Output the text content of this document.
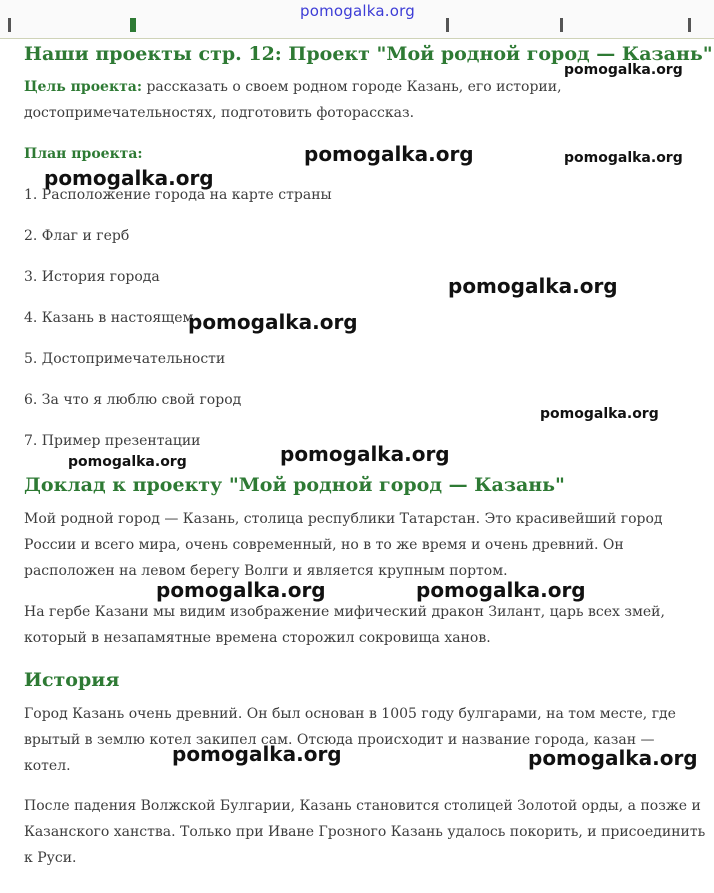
pomogalka.org
Наши проекты стр. 12: Проект "Мой родной город — Казань"
Цель проекта: рассказать о своем родном городе Казань, его истории,
достопримечательностях, подготовить фоторассказ.
План проекта:
1. Расположение города на карте страны
2. Флаг и герб
3. История города
4. Казань в настоящем
5. Достопримечательности
6. За что я люблю свой город
7. Пример презентации
Доклад к проекту "Мой родной город — Казань"
Мой родной город — Казань, столица республики Татарстан. Это красивейший город
России и всего мира, очень современный, но в то же время и очень древний. Он
расположен на левом берегу Волги и является крупным портом.
На гербе Казани мы видим изображение мифический дракон Зилант, царь всех змей,
который в незапамятные времена сторожил сокровища ханов.
История
Город Казань очень древний. Он был основан в 1005 году булгарами, на том месте, где
врытый в землю котел закипел сам. Отсюда происходит и название города, казан —
котел.
После падения Волжской Булгарии, Казань становится столицей Золотой орды, а позже и
Казанского ханства. Только при Иване Грозного Казань удалось покорить, и присоединить
к Руси.
pomogalka.org
pomogalka.org	pomogalka.org
pomogalka.org
pomogalka.org
pomogalka.org
pomogalka.org
pomogalka.org
pomogalka.org
pomogalka.org	pomogalka.org
pomogalka.org	pomogalka.org
